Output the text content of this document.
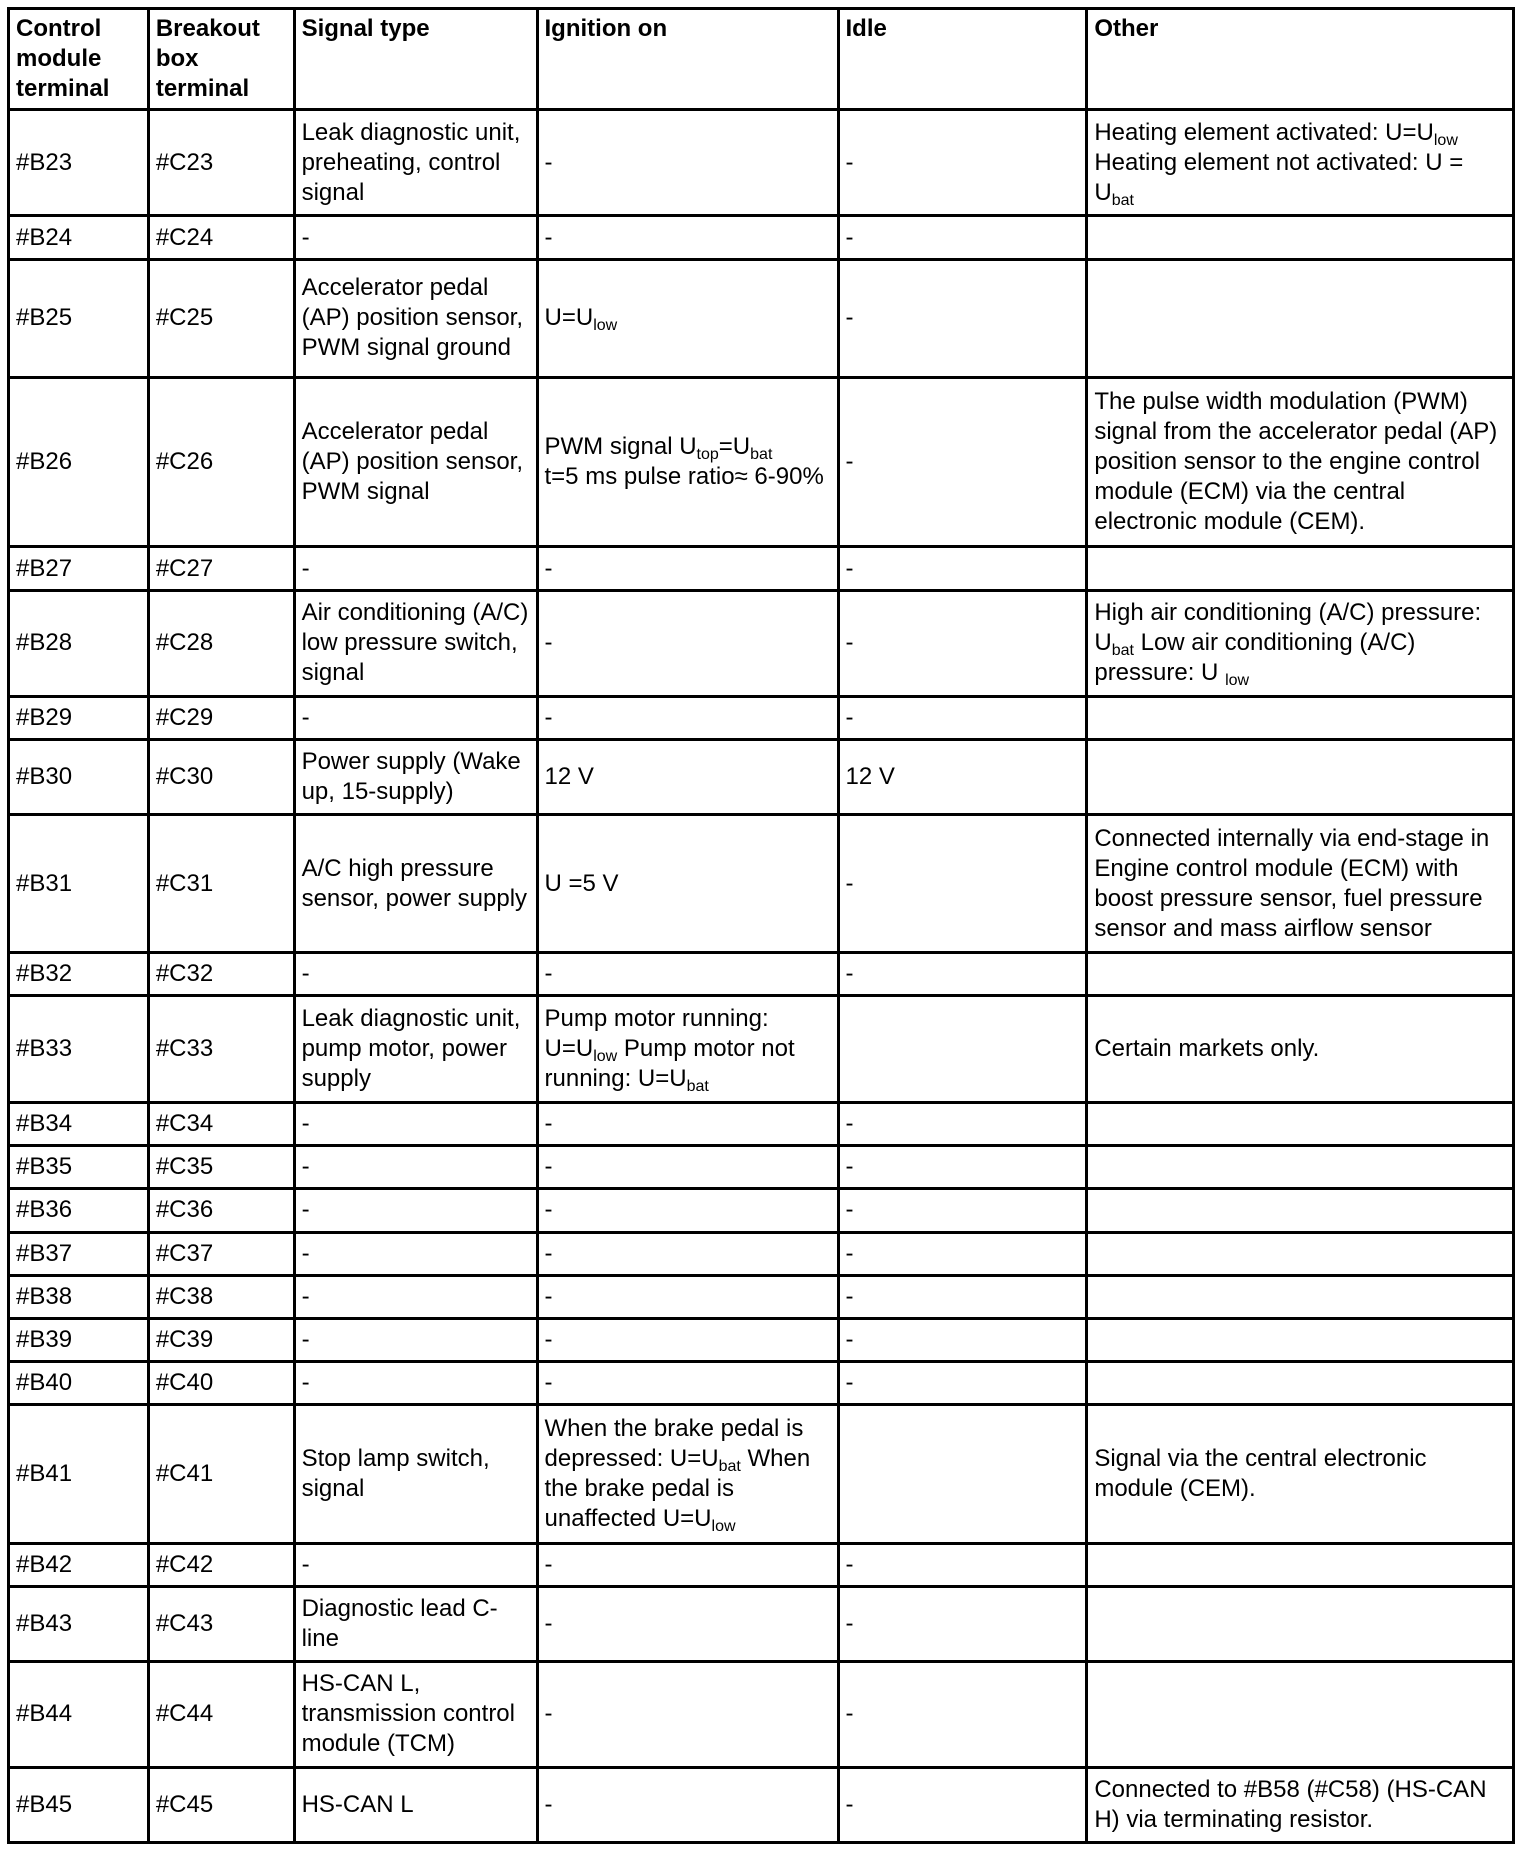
Control module terminal	Breakout box terminal	Signal type	Ignition on	Idle	Other
#B23	#C23	Leak diagnostic unit, preheating, control signal	-	-	Heating element activated: $U=U_{low}$
Heating element not activated: $U = U_{bat}$
#B24	#C24	-	-	-	
#B25	#C25	Accelerator pedal (AP) position sensor, PWM signal ground	$U=U_{low}$	-	
#B26	#C26	Accelerator pedal (AP) position sensor, PWM signal	PWM signal $U_{top}=U_{bat}$
t=5 ms pulse ratio≈ 6-90%	-	The pulse width modulation (PWM) signal from the accelerator pedal (AP) position sensor to the engine control module (ECM) via the central electronic module (CEM).
#B27	#C27	-	-	-	
#B28	#C28	Air conditioning (A/C) low pressure switch, signal	-	-	High air conditioning (A/C) pressure: $U_{bat}$ Low air conditioning (A/C) pressure: U $_{low}$
#B29	#C29	-	-	-	
#B30	#C30	Power supply (Wake up, 15-supply)	12 V	12 V	
#B31	#C31	A/C high pressure sensor, power supply	U =5 V	-	Connected internally via end-stage in Engine control module (ECM) with boost pressure sensor, fuel pressure sensor and mass airflow sensor
#B32	#C32	-	-	-	
#B33	#C33	Leak diagnostic unit, pump motor, power supply	Pump motor running: $U=U_{low}$ Pump motor not running: $U=U_{bat}$		Certain markets only.
#B34	#C34	-	-	-	
#B35	#C35	-	-	-	
#B36	#C36	-	-	-	
#B37	#C37	-	-	-	
#B38	#C38	-	-	-	
#B39	#C39	-	-	-	
#B40	#C40	-	-	-	
#B41	#C41	Stop lamp switch, signal	When the brake pedal is depressed: $U=U_{bat}$ When the brake pedal is unaffected $U=U_{low}$		Signal via the central electronic module (CEM).
#B42	#C42	-	-	-	
#B43	#C43	Diagnostic lead C-line	-	-	
#B44	#C44	HS-CAN L, transmission control module (TCM)	-	-	
#B45	#C45	HS-CAN L	-	-	Connected to #B58 (#C58) (HS-CAN H) via terminating resistor.
